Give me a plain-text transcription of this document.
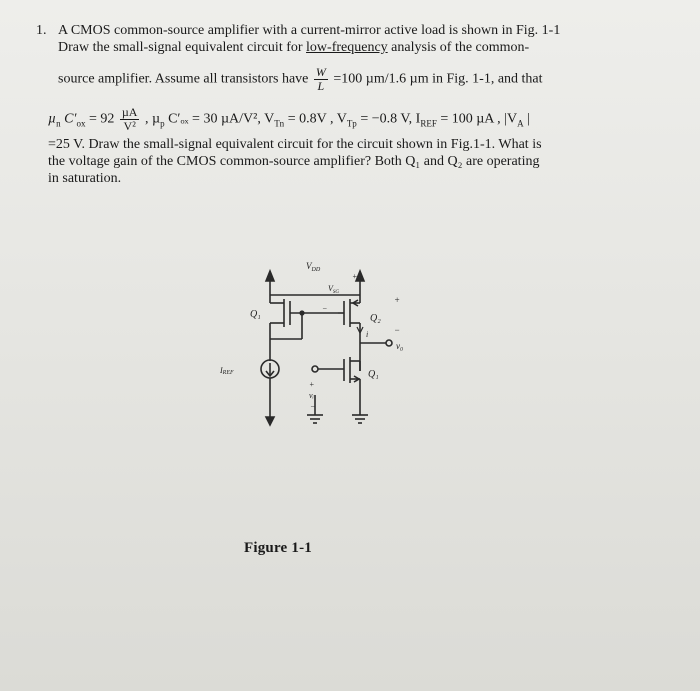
1. A CMOS common-source amplifier with a current-mirror active load is shown in Fig. 1-1
Draw the small-signal equivalent circuit for low-frequency analysis of the common-
source amplifier. Assume all transistors have $\frac{W}{L} =100$ µm/1.6 µm in Fig. 1-1, and that
µ$_n$ $C'_{ox} = 92 \frac{\text{µA}}{\text{V²}}$ , µ$_p$ C′ₒₓ = 30 µA/V², $V_{Tn} = 0.8V$ , $V_{Tp} = -0.8$ V, $I_{REF} = 100$ µA , $|V_A$ |
=25 V. Draw the small-signal equivalent circuit for the circuit shown in Fig.1-1. What is
the voltage gain of the CMOS common-source amplifier? Both Q₁ and Q₂ are operating
in saturation.
$V_{DD}$
$V_{SG}$
+
−
Q₁	Q₂
Q₁
IREF
v₀
+
−
i
+
vᵢ
−
Figure 1-1
